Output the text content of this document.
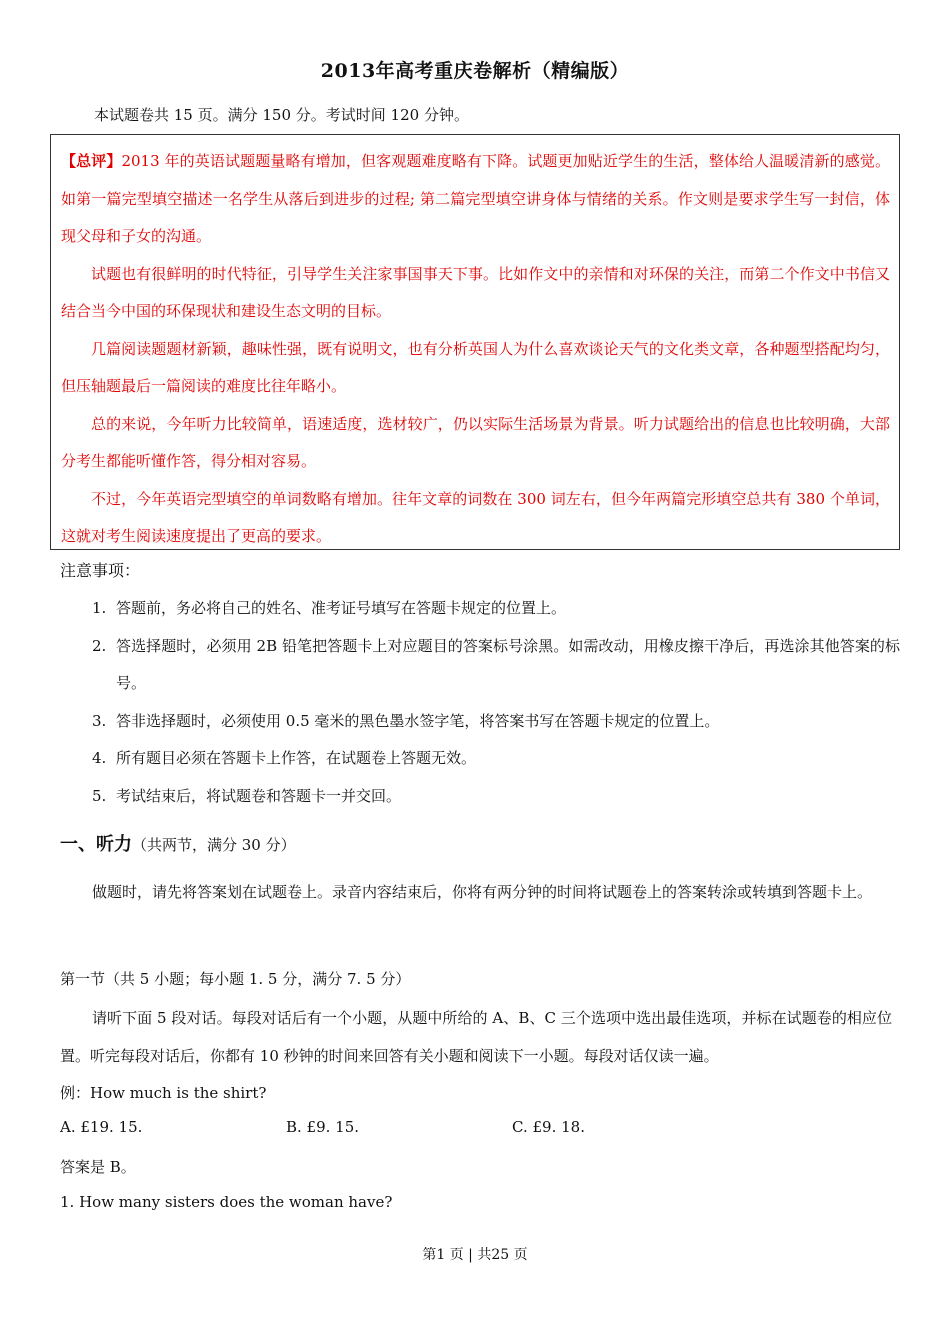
2013年高考重庆卷解析（精编版）
本试题卷共 15 页。满分 150 分。考试时间 120 分钟。

【总评】2013 年的英语试题题量略有增加，但客观题难度略有下降。试题更加贴近学生的生活，整体给人温暖清新的感觉。如第一篇完型填空描述一名学生从落后到进步的过程; 第二篇完型填空讲身体与情绪的关系。作文则是要求学生写一封信，体现父母和子女的沟通。

试题也有很鲜明的时代特征，引导学生关注家事国事天下事。比如作文中的亲情和对环保的关注，而第二个作文中书信又结合当今中国的环保现状和建设生态文明的目标。

几篇阅读题题材新颖，趣味性强，既有说明文，也有分析英国人为什么喜欢谈论天气的文化类文章，各种题型搭配均匀，但压轴题最后一篇阅读的难度比往年略小。

总的来说，今年听力比较简单，语速适度，选材较广，仍以实际生活场景为背景。听力试题给出的信息也比较明确，大部分考生都能听懂作答，得分相对容易。

不过，今年英语完型填空的单词数略有增加。往年文章的词数在 300 词左右，但今年两篇完形填空总共有 380 个单词，这就对考生阅读速度提出了更高的要求。

注意事项：
1. 答题前，务必将自己的姓名、准考证号填写在答题卡规定的位置上。
2. 答选择题时，必须用 2B 铅笔把答题卡上对应题目的答案标号涂黑。如需改动，用橡皮擦干净后，再选涂其他答案的标号。
3. 答非选择题时，必须使用 0.5 毫米的黑色墨水签字笔，将答案书写在答题卡规定的位置上。
4. 所有题目必须在答题卡上作答，在试题卷上答题无效。
5. 考试结束后，将试题卷和答题卡一并交回。
一、听力（共两节，满分 30 分）

做题时，请先将答案划在试题卷上。录音内容结束后，你将有两分钟的时间将试题卷上的答案转涂或转填到答题卡上。

第一节（共 5 小题；每小题 1. 5 分，满分 7. 5 分）

请听下面 5 段对话。每段对话后有一个小题，从题中所给的 A、B、C 三个选项中选出最佳选项，并标在试题卷的相应位置。听完每段对话后，你都有 10 秒钟的时间来回答有关小题和阅读下一小题。每段对话仅读一遍。

例：How much is the shirt?
A. £19. 15.	B. £9. 15.	C. £9. 18.
答案是 B。
1. How many sisters does the woman have?
第1 页 | 共25 页
